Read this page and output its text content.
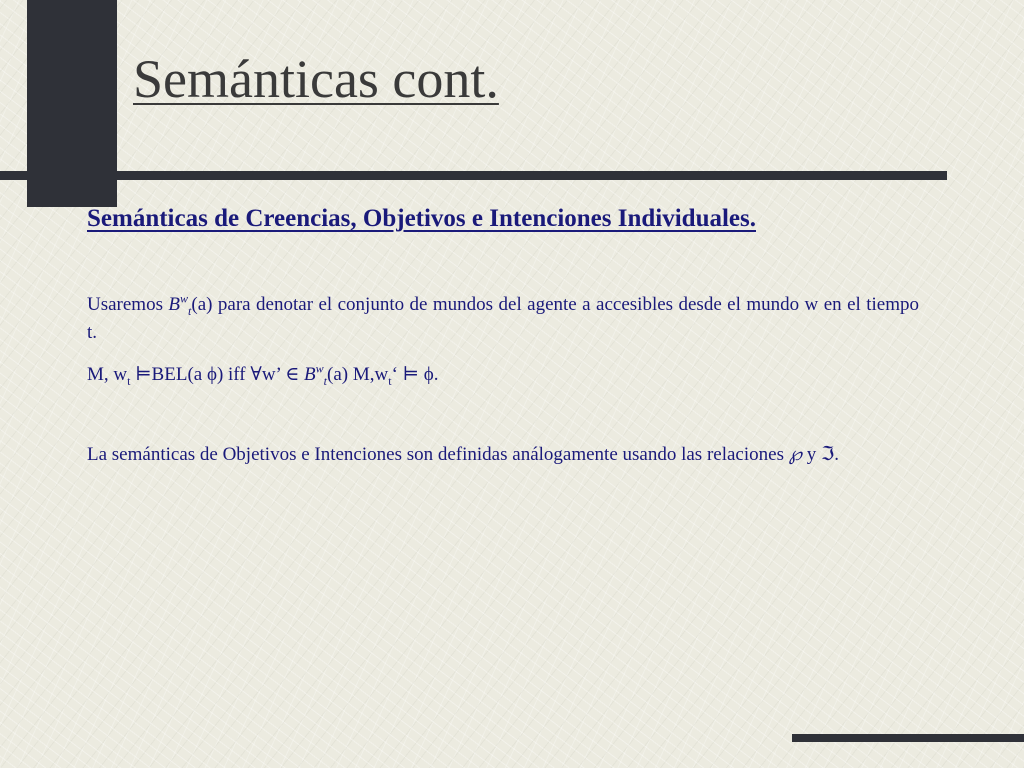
Semánticas cont.
Semánticas de Creencias, Objetivos e Intenciones Individuales.

Usaremos $B^w_t(a)$ para denotar el conjunto de mundos del agente a accesibles desde el mundo w en el tiempo t.

M, $w_t$ ⊨BEL(a ϕ) iff ∀w’ ∈ $B^w_t(a)$ $M,w_t‘$ ⊨ ϕ.

La semánticas de Objetivos e Intenciones son definidas análogamente usando las relaciones ℘ y ℑ.
